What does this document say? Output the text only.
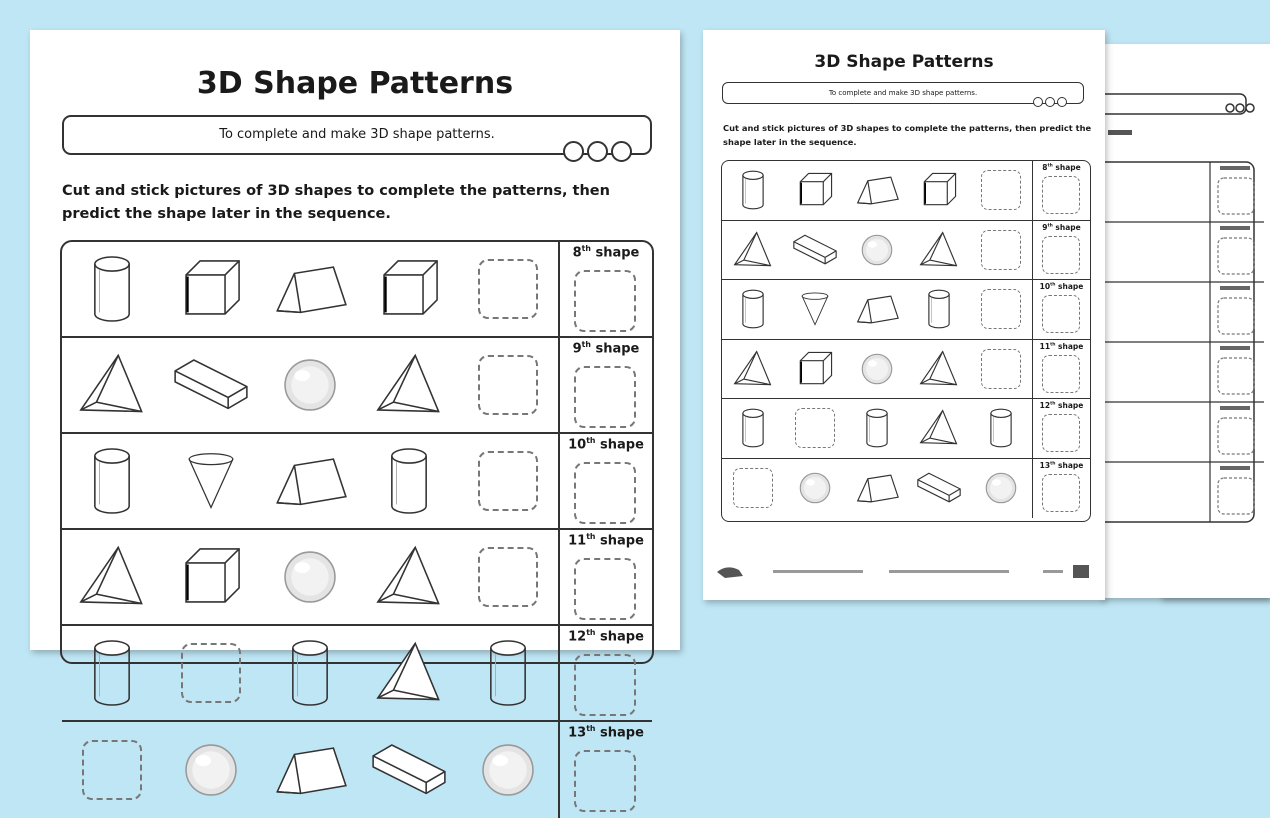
3D Shape Patterns
To complete and make 3D shape patterns.
Cut and stick pictures of 3D shapes to complete the patterns, then predict the shape later in the sequence.
8th shape
9th shape
10th shape
11th shape
12th shape
13th shape
3D Shape Patterns
To complete and make 3D shape patterns.
Cut and stick pictures of 3D shapes to complete the patterns, then predict the shape later in the sequence.
8th shape
9th shape
10th shape
11th shape
12th shape
13th shape
